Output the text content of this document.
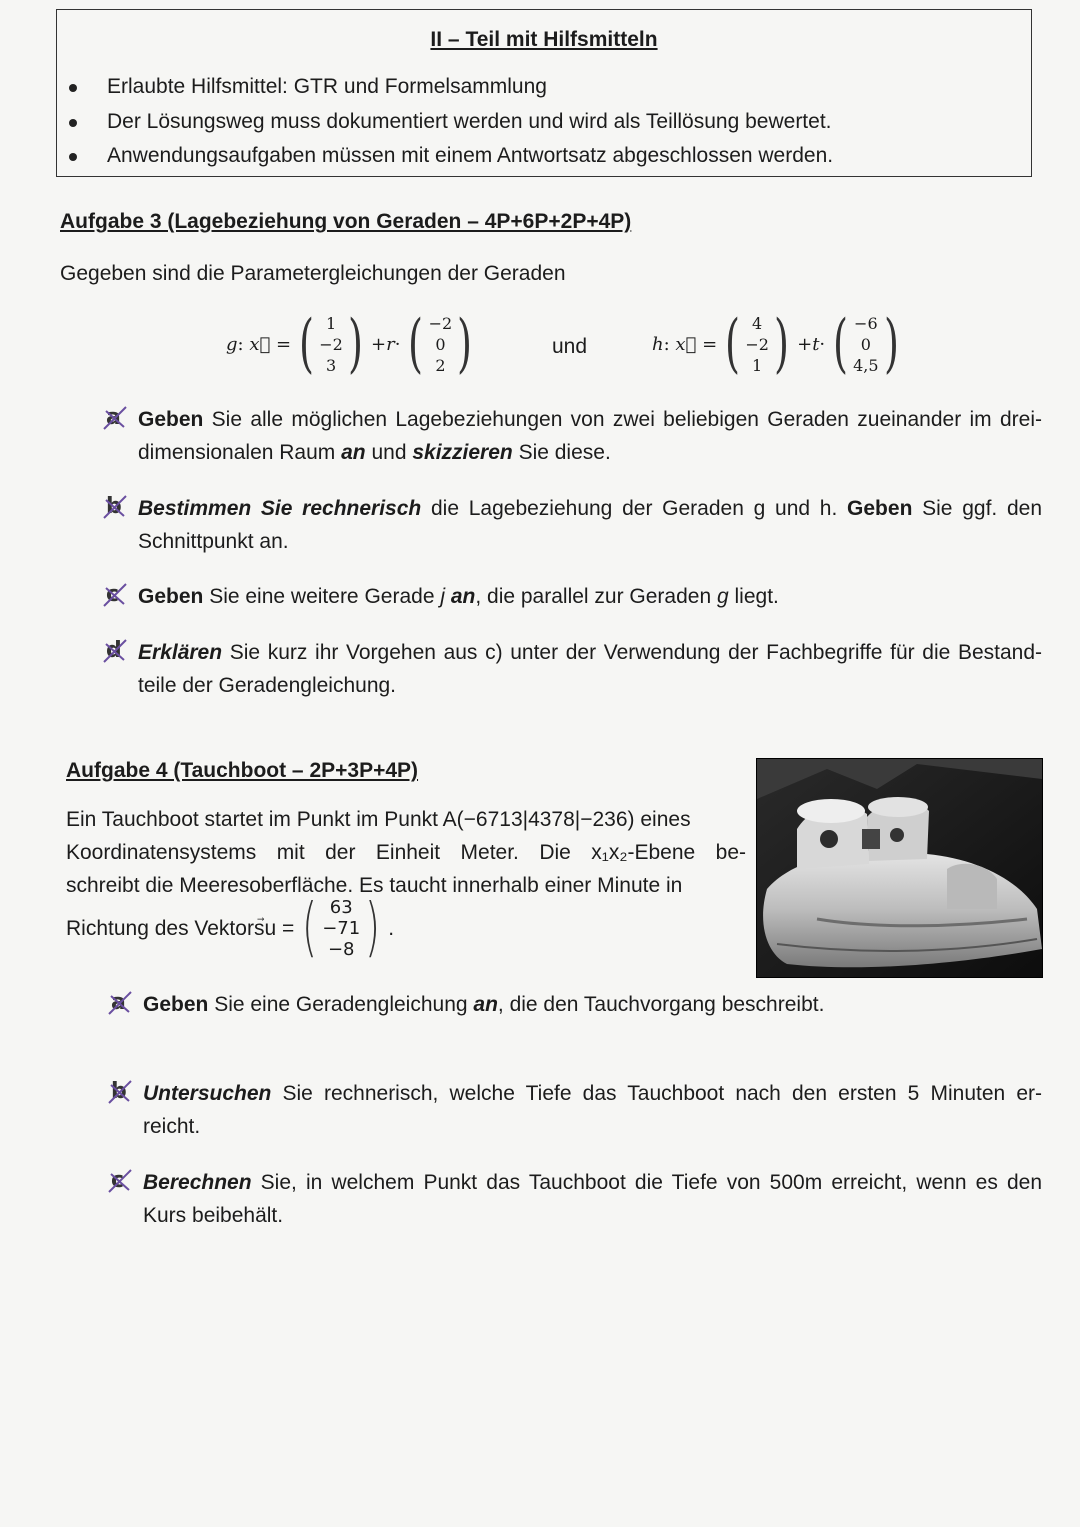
II – Teil mit Hilfsmitteln
Erlaubte Hilfsmittel: GTR und Formelsammlung
Der Lösungsweg muss dokumentiert werden und wird als Teillösung bewertet.
Anwendungsaufgaben müssen mit einem Antwortsatz abgeschlossen werden.
Aufgabe 3 (Lagebeziehung von Geraden – 4P+6P+2P+4P)
Gegeben sind die Parametergleichungen der Geraden
g : x⃗ = ( 1
−2
3 ) + r · ( −2
0
2 )	und	h : x⃗ = ( 4
−2
1 ) + t · ( −6
0
4,5 )
a Geben Sie alle möglichen Lagebeziehungen von zwei beliebigen Geraden zueinander im drei-
dimensionalen Raum an und skizzieren Sie diese.
b Bestimmen Sie rechnerisch die Lagebeziehung der Geraden g und h. Geben Sie ggf. den
Schnittpunkt an.
c Geben Sie eine weitere Gerade j an, die parallel zur Geraden g liegt.
d Erklären Sie kurz ihr Vorgehen aus c) unter der Verwendung der Fachbegriffe für die Bestand-
teile der Geradengleichung.
Aufgabe 4 (Tauchboot – 2P+3P+4P)
Ein Tauchboot startet im Punkt im Punkt A(−6713|4378|−236) eines
Koordinatensystems mit der Einheit Meter. Die x₁x₂-Ebene be-
schreibt die Meeresoberfläche. Es taucht innerhalb einer Minute in
Richtung des Vektors u = ( 63
−71
−8 ) .
a Geben Sie eine Geradengleichung an, die den Tauchvorgang beschreibt.
b Untersuchen Sie rechnerisch, welche Tiefe das Tauchboot nach den ersten 5 Minuten er-
reicht.
c Berechnen Sie, in welchem Punkt das Tauchboot die Tiefe von 500m erreicht, wenn es den
Kurs beibehält.
